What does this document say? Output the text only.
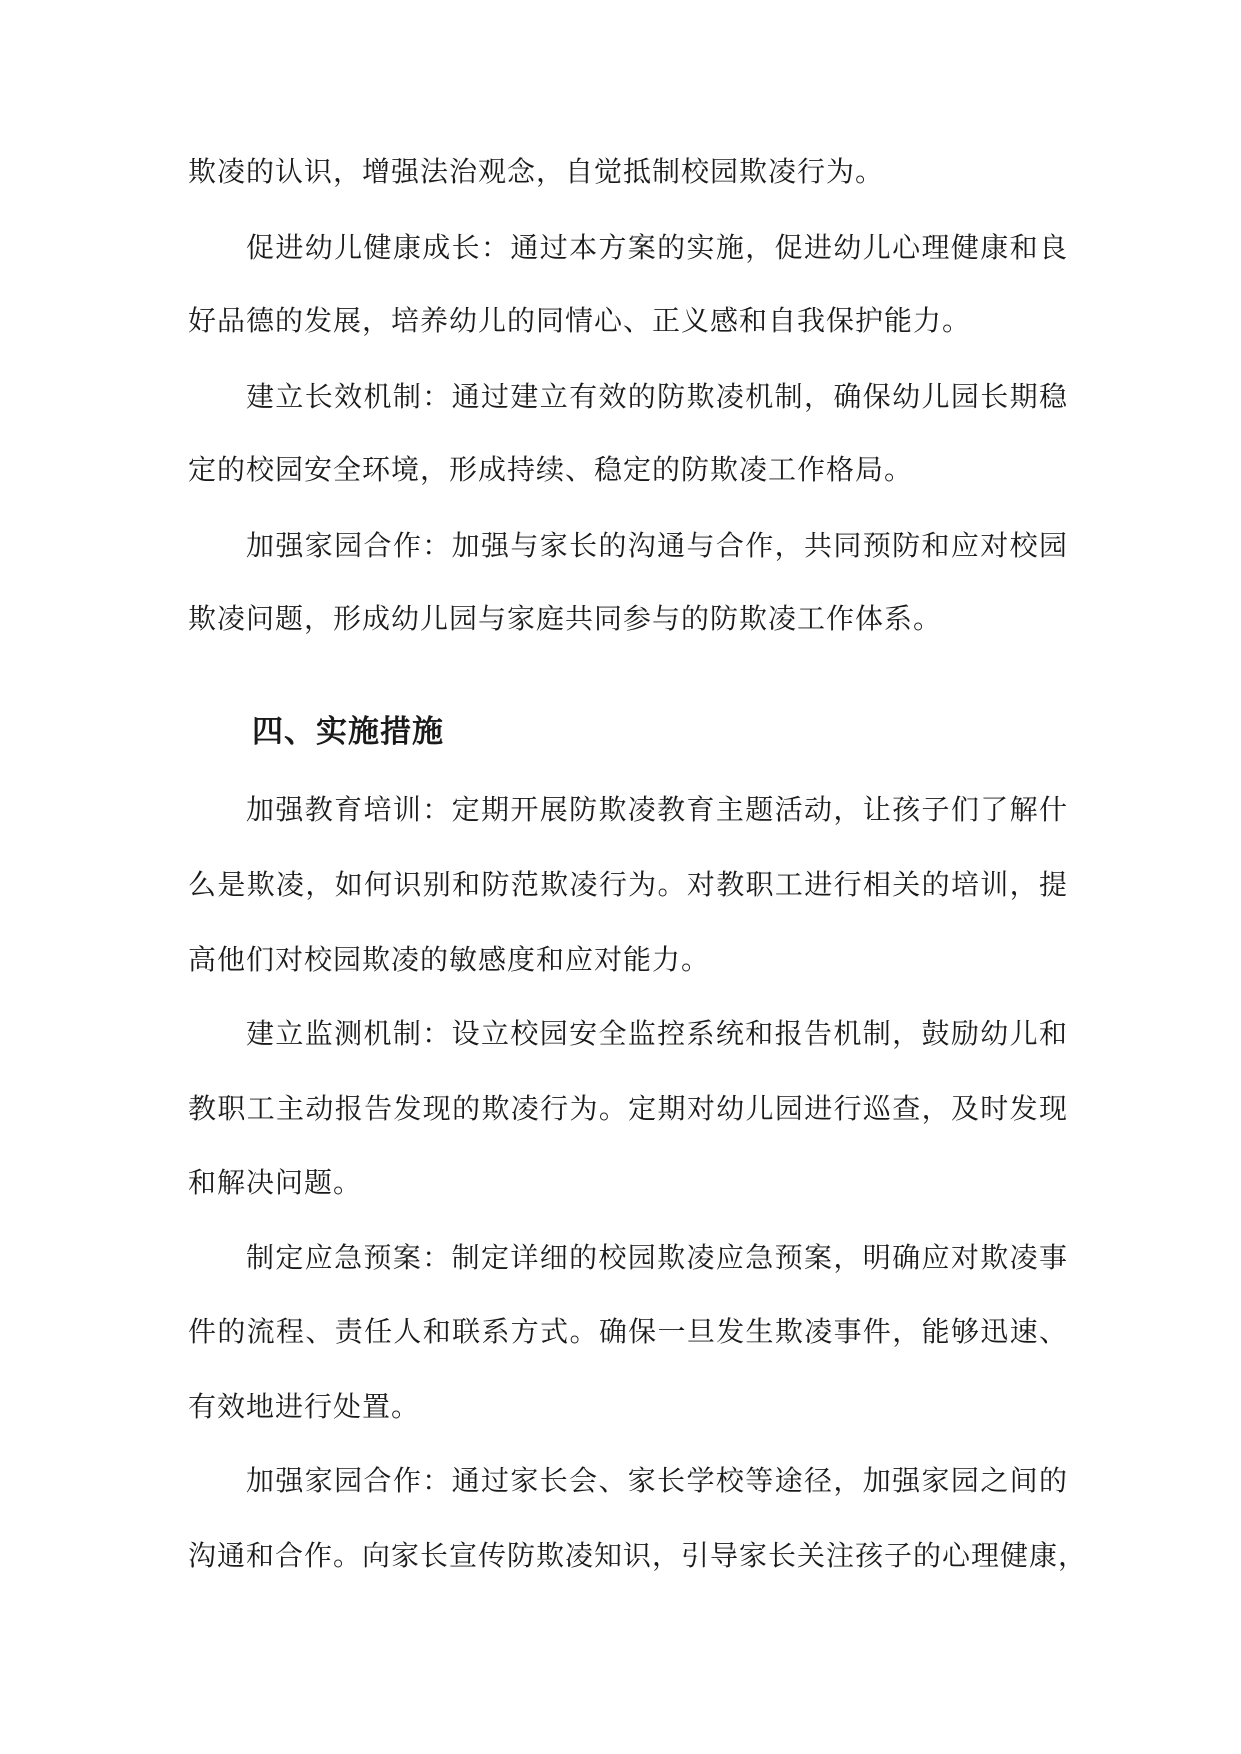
欺凌的认识，增强法治观念，自觉抵制校园欺凌行为。
促进幼儿健康成长：通过本方案的实施，促进幼儿心理健康和良
好品德的发展，培养幼儿的同情心、正义感和自我保护能力。
建立长效机制：通过建立有效的防欺凌机制，确保幼儿园长期稳
定的校园安全环境，形成持续、稳定的防欺凌工作格局。
加强家园合作：加强与家长的沟通与合作，共同预防和应对校园
欺凌问题，形成幼儿园与家庭共同参与的防欺凌工作体系。
四、实施措施
加强教育培训：定期开展防欺凌教育主题活动，让孩子们了解什
么是欺凌，如何识别和防范欺凌行为。对教职工进行相关的培训，提
高他们对校园欺凌的敏感度和应对能力。
建立监测机制：设立校园安全监控系统和报告机制，鼓励幼儿和
教职工主动报告发现的欺凌行为。定期对幼儿园进行巡查，及时发现
和解决问题。
制定应急预案：制定详细的校园欺凌应急预案，明确应对欺凌事
件的流程、责任人和联系方式。确保一旦发生欺凌事件，能够迅速、
有效地进行处置。
加强家园合作：通过家长会、家长学校等途径，加强家园之间的
沟通和合作。向家长宣传防欺凌知识，引导家长关注孩子的心理健康，
